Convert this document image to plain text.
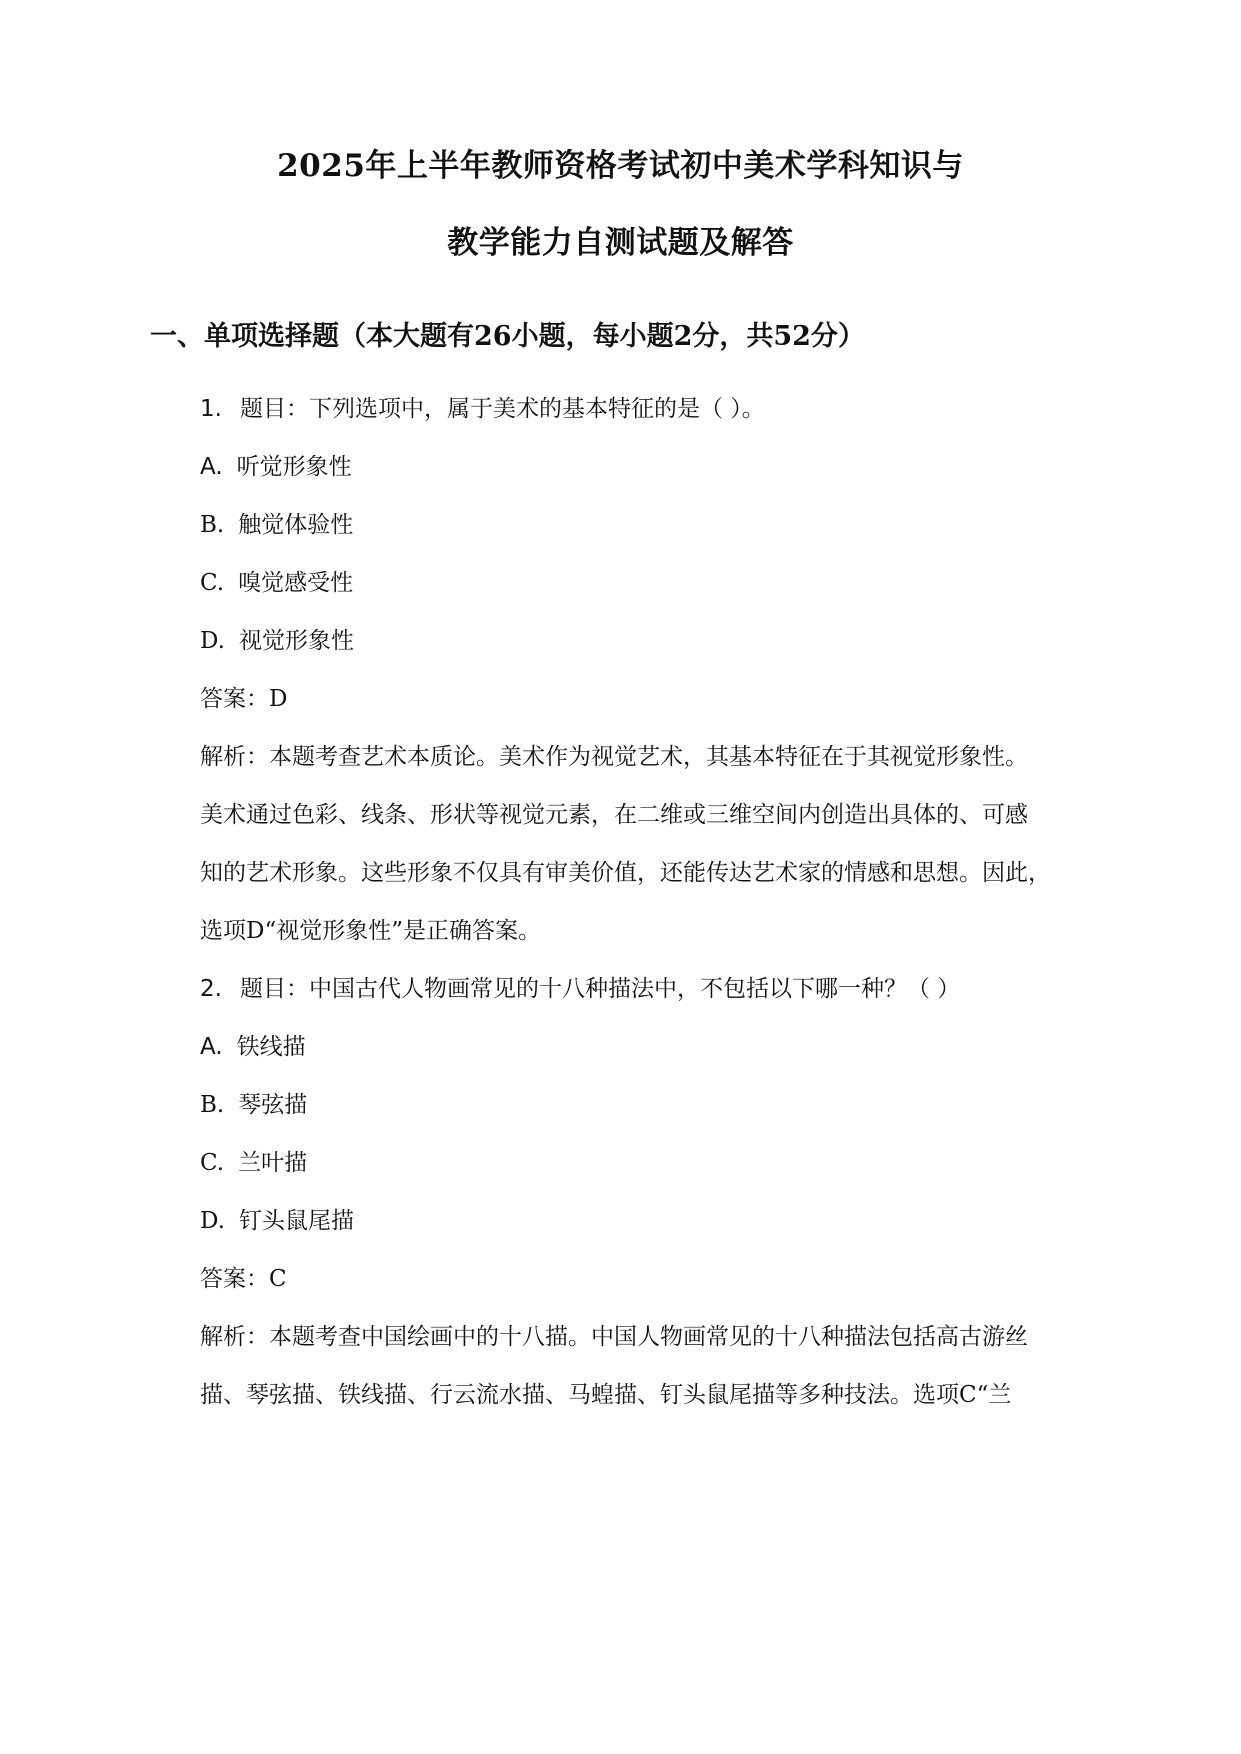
2025年上半年教师资格考试初中美术学科知识与
教学能力自测试题及解答
一、单项选择题（本大题有26小题，每小题2分，共52分）
1. 题目：下列选项中，属于美术的基本特征的是（ ）。
A. 听觉形象性
B. 触觉体验性
C. 嗅觉感受性
D. 视觉形象性
答案：D
解析：本题考查艺术本质论。美术作为视觉艺术，其基本特征在于其视觉形象性。
美术通过色彩、线条、形状等视觉元素，在二维或三维空间内创造出具体的、可感
知的艺术形象。这些形象不仅具有审美价值，还能传达艺术家的情感和思想。因此，
选项D“视觉形象性”是正确答案。
2. 题目：中国古代人物画常见的十八种描法中，不包括以下哪一种？（ ）
A. 铁线描
B. 琴弦描
C. 兰叶描
D. 钉头鼠尾描
答案：C
解析：本题考查中国绘画中的十八描。中国人物画常见的十八种描法包括高古游丝
描、琴弦描、铁线描、行云流水描、马蝗描、钉头鼠尾描等多种技法。选项C“兰
